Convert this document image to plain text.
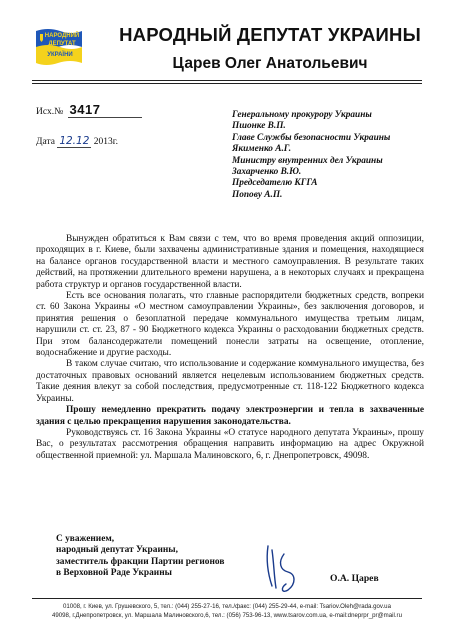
НАРОДНИЙ
ДЕПУТАТ
УКРАЇНИ
НАРОДНЫЙ ДЕПУТАТ УКРАИНЫ
Царев Олег Анатольевич
Исх.№ 3417
Дата 12.12 2013г.
Генеральному прокурору Украины
Пшонке В.П.
Главе Службы безопасности Украины
Якименко А.Г.
Министру внутренних дел Украины
Захарченко В.Ю.
Председателю КГГА
Попову А.П.

Вынужден обратиться к Вам связи с тем, что во время проведения акций оппозиции, проходящих в г. Киеве, были захвачены административные здания и помещения, находящиеся на балансе органов государственной власти и местного самоуправления. В результате таких действий, на протяжении длительного времени нарушена, а в некоторых случаях и прекращена работа структур и органов государственной власти.

Есть все основания полагать, что главные распорядители бюджетных средств, вопреки ст. 60 Закона Украины «О местном самоуправлении Украины», без заключения договоров, и принятия решения о безоплатной передаче коммунального имущества третьим лицам, нарушили ст. ст. 23, 87 - 90 Бюджетного кодекса Украины о расходовании бюджетных средств. При этом балансодержатели помещений понесли затраты на освещение, отопление, водоснабжение и другие расходы.

В таком случае считаю, что использование и содержание коммунального имущества, без достаточных правовых оснований является нецелевым использованием бюджетных средств. Такие деяния влекут за собой последствия, предусмотренные ст. 118-122 Бюджетного кодекса Украины.

Прошу немедленно прекратить подачу электроэнергии и тепла в захваченные здания с целью прекращения нарушения законодательства.

Руководствуясь ст. 16 Закона Украины «О статусе народного депутата Украины», прошу Вас, о результатах рассмотрения обращения направить информацию на адрес Окружной общественной приемной: ул. Маршала Малиновского, 6, г. Днепропетровск, 49098.

С уважением,
народный депутат Украины,
заместитель фракции Партии регионов
в Верховной Раде Украины	О.А. Царев
01008, г. Киев, ул. Грушевского, 5, тел.: (044) 255-27-16, тел./факс: (044) 255-29-44, e-mail: Tsariov.Oleh@rada.gov.ua
49098, г.Днепропетровск, ул. Маршала Малиновского,6, тел.: (056) 753-96-13, www.tsarov.com.ua, e-mail:dneprpr_pr@mail.ru
